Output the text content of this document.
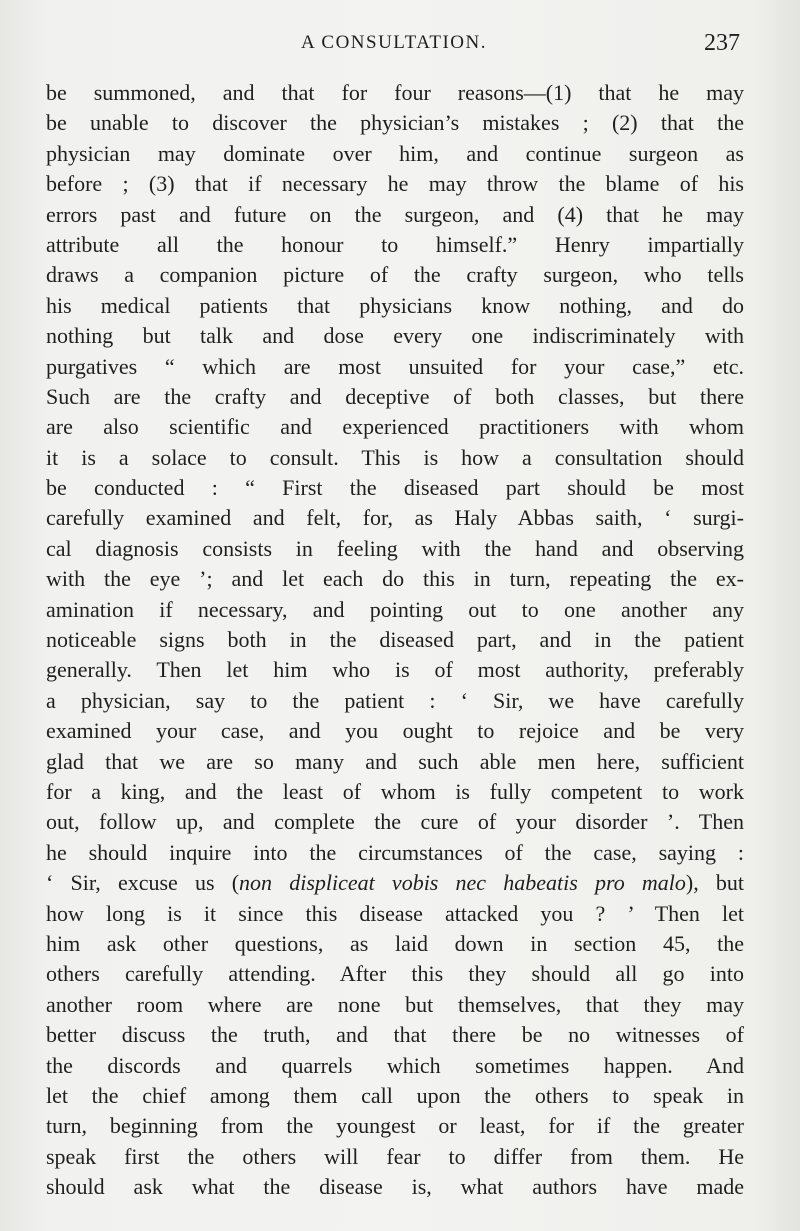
A CONSULTATION.	237
be summoned, and that for four reasons—(1) that he may
be unable to discover the physician’s mistakes ; (2) that the
physician may dominate over him, and continue surgeon as
before ; (3) that if necessary he may throw the blame of his
errors past and future on the surgeon, and (4) that he may
attribute all the honour to himself.” Henry impartially
draws a companion picture of the crafty surgeon, who tells
his medical patients that physicians know nothing, and do
nothing but talk and dose every one indiscriminately with
purgatives “ which are most unsuited for your case,” etc.
Such are the crafty and deceptive of both classes, but there
are also scientific and experienced practitioners with whom
it is a solace to consult. This is how a consultation should
be conducted : “ First the diseased part should be most
carefully examined and felt, for, as Haly Abbas saith, ‘ surgi-
cal diagnosis consists in feeling with the hand and observing
with the eye ’; and let each do this in turn, repeating the ex-
amination if necessary, and pointing out to one another any
noticeable signs both in the diseased part, and in the patient
generally. Then let him who is of most authority, preferably
a physician, say to the patient : ‘ Sir, we have carefully
examined your case, and you ought to rejoice and be very
glad that we are so many and such able men here, sufficient
for a king, and the least of whom is fully competent to work
out, follow up, and complete the cure of your disorder ’. Then
he should inquire into the circumstances of the case, saying :
‘ Sir, excuse us (non displiceat vobis nec habeatis pro malo), but
how long is it since this disease attacked you ? ’ Then let
him ask other questions, as laid down in section 45, the
others carefully attending. After this they should all go into
another room where are none but themselves, that they may
better discuss the truth, and that there be no witnesses of
the discords and quarrels which sometimes happen. And
let the chief among them call upon the others to speak in
turn, beginning from the youngest or least, for if the greater
speak first the others will fear to differ from them. He
should ask what the disease is, what authors have made
